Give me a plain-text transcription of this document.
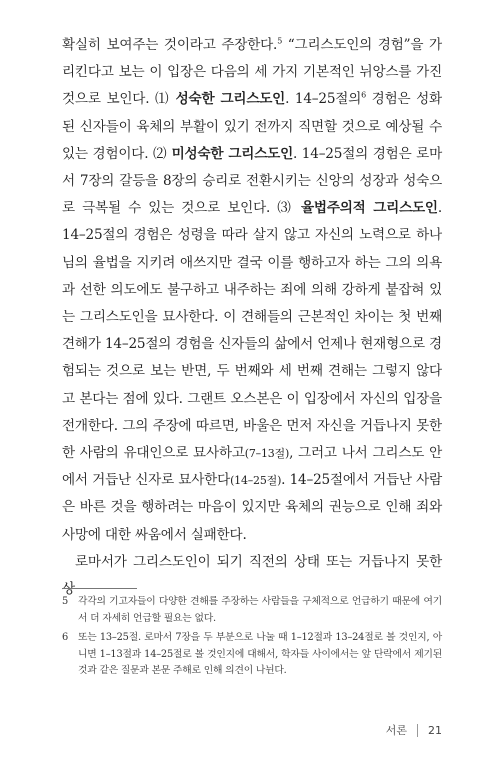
확실히 보여주는 것이라고 주장한다.$^5$ “그리스도인의 경험”을 가리킨다고 보는 이 입장은 다음의 세 가지 기본적인 뉘앙스를 가진 것으로 보인다. ⑴ 성숙한 그리스도인. 14–25절의$^6$ 경험은 성화된 신자들이 육체의 부활이 있기 전까지 직면할 것으로 예상될 수 있는 경험이다. ⑵ 미성숙한 그리스도인. 14–25절의 경험은 로마서 7장의 갈등을 8장의 승리로 전환시키는 신앙의 성장과 성숙으로 극복될 수 있는 것으로 보인다. ⑶ 율법주의적 그리스도인. 14–25절의 경험은 성령을 따라 살지 않고 자신의 노력으로 하나님의 율법을 지키려 애쓰지만 결국 이를 행하고자 하는 그의 의욕과 선한 의도에도 불구하고 내주하는 죄에 의해 강하게 붙잡혀 있는 그리스도인을 묘사한다. 이 견해들의 근본적인 차이는 첫 번째 견해가 14–25절의 경험을 신자들의 삶에서 언제나 현재형으로 경험되는 것으로 보는 반면, 두 번째와 세 번째 견해는 그렇지 않다고 본다는 점에 있다. 그랜트 오스본은 이 입장에서 자신의 입장을 전개한다. 그의 주장에 따르면, 바울은 먼저 자신을 거듭나지 못한 한 사람의 유대인으로 묘사하고(7–13절), 그러고 나서 그리스도 안에서 거듭난 신자로 묘사한다(14–25절). 14–25절에서 거듭난 사람은 바른 것을 행하려는 마음이 있지만 육체의 권능으로 인해 죄와 사망에 대한 싸움에서 실패한다.

로마서가 그리스도인이 되기 직전의 상태 또는 거듭나지 못한 상

5	각각의 기고자들이 다양한 견해를 주장하는 사람들을 구체적으로 언급하기 때문에 여기서 더 자세히 언급할 필요는 없다.
6	또는 13–25절. 로마서 7장을 두 부분으로 나눌 때 1–12절과 13–24절로 볼 것인지, 아니면 1–13절과 14–25절로 볼 것인지에 대해서, 학자들 사이에서는 앞 단락에서 제기된 것과 같은 질문과 본문 주해로 인해 의견이 나뉜다.
서론 21
